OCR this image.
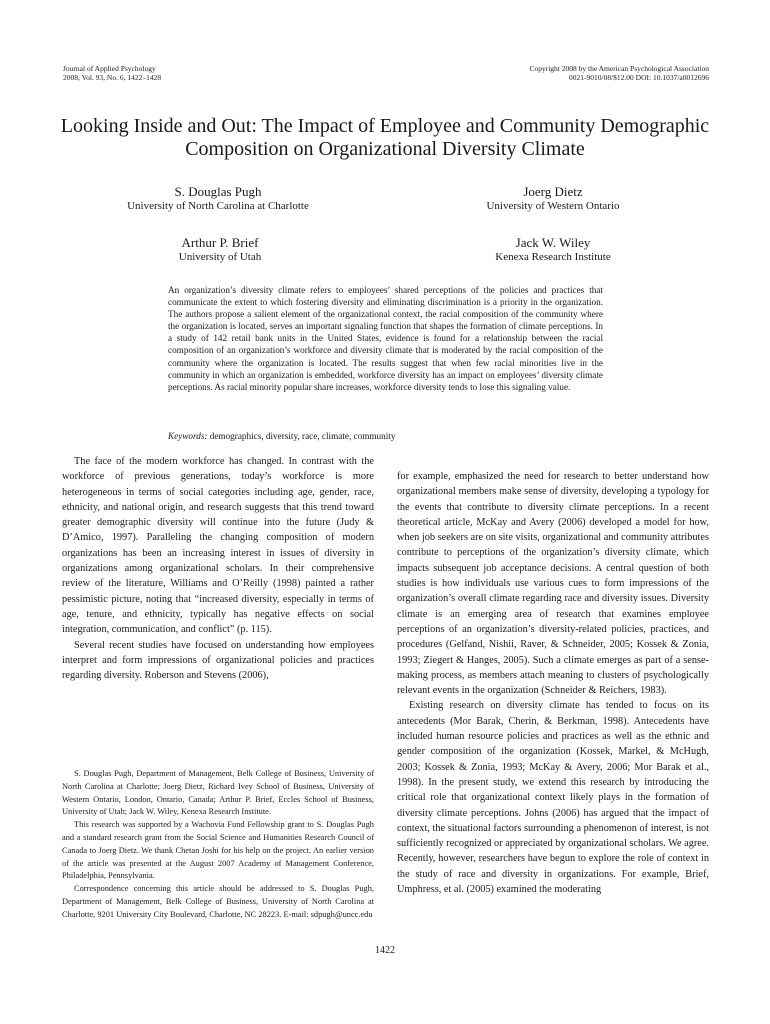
Journal of Applied Psychology
2008, Vol. 93, No. 6, 1422–1428
Copyright 2008 by the American Psychological Association
0021-9010/08/$12.00 DOI: 10.1037/a0012696
Looking Inside and Out: The Impact of Employee and Community Demographic Composition on Organizational Diversity Climate
S. Douglas Pugh
University of North Carolina at Charlotte
Joerg Dietz
University of Western Ontario
Arthur P. Brief
University of Utah
Jack W. Wiley
Kenexa Research Institute

An organization’s diversity climate refers to employees’ shared perceptions of the policies and practices that communicate the extent to which fostering diversity and eliminating discrimination is a priority in the organization. The authors propose a salient element of the organizational context, the racial composition of the community where the organization is located, serves an important signaling function that shapes the formation of climate perceptions. In a study of 142 retail bank units in the United States, evidence is found for a relationship between the racial composition of an organization’s workforce and diversity climate that is moderated by the racial composition of the community where the organization is located. The results suggest that when few racial minorities live in the community in which an organization is embedded, workforce diversity has an impact on employees’ diversity climate perceptions. As racial minority popular share increases, workforce diversity tends to lose this signaling value.

Keywords: demographics, diversity, race, climate, community

The face of the modern workforce has changed. In contrast with the workforce of previous generations, today’s workforce is more heterogeneous in terms of social categories including age, gender, race, ethnicity, and national origin, and research suggests that this trend toward greater demographic diversity will continue into the future (Judy & D’Amico, 1997). Paralleling the changing composition of modern organizations has been an increasing interest in issues of diversity in organizations among organizational scholars. In their comprehensive review of the literature, Williams and O’Reilly (1998) painted a rather pessimistic picture, noting that “increased diversity, especially in terms of age, tenure, and ethnicity, typically has negative effects on social integration, communication, and conflict” (p. 115).

Several recent studies have focused on understanding how employees interpret and form impressions of organizational policies and practices regarding diversity. Roberson and Stevens (2006),

S. Douglas Pugh, Department of Management, Belk College of Business, University of North Carolina at Charlotte; Joerg Dietz, Richard Ivey School of Business, University of Western Ontario, London, Ontario, Canada; Arthur P. Brief, Eccles School of Business, University of Utah; Jack W. Wiley, Kenexa Research Institute.

This research was supported by a Wachovia Fund Fellowship grant to S. Douglas Pugh and a standard research grant from the Social Science and Humanities Research Council of Canada to Joerg Dietz. We thank Chetan Joshi for his help on the project. An earlier version of the article was presented at the August 2007 Academy of Management Conference, Philadelphia, Pennsylvania.

Correspondence concerning this article should be addressed to S. Douglas Pugh, Department of Management, Belk College of Business, University of North Carolina at Charlotte, 9201 University City Boulevard, Charlotte, NC 28223. E-mail: sdpugh@uncc.edu

for example, emphasized the need for research to better understand how organizational members make sense of diversity, developing a typology for the events that contribute to diversity climate perceptions. In a recent theoretical article, McKay and Avery (2006) developed a model for how, when job seekers are on site visits, organizational and community attributes contribute to perceptions of the organization’s diversity climate, which impacts subsequent job acceptance decisions. A central question of both studies is how individuals use various cues to form impressions of the organization’s overall climate regarding race and diversity issues. Diversity climate is an emerging area of research that examines employee perceptions of an organization’s diversity-related policies, practices, and procedures (Gelfand, Nishii, Raver, & Schneider, 2005; Kossek & Zonia, 1993; Ziegert & Hanges, 2005). Such a climate emerges as part of a sense-making process, as members attach meaning to clusters of psychologically relevant events in the organization (Schneider & Reichers, 1983).

Existing research on diversity climate has tended to focus on its antecedents (Mor Barak, Cherin, & Berkman, 1998). Antecedents have included human resource policies and practices as well as the ethnic and gender composition of the organization (Kossek, Markel, & McHugh, 2003; Kossek & Zonia, 1993; McKay & Avery, 2006; Mor Barak et al., 1998). In the present study, we extend this research by introducing the critical role that organizational context likely plays in the formation of diversity climate perceptions. Johns (2006) has argued that the impact of context, the situational factors surrounding a phenomenon of interest, is not sufficiently recognized or appreciated by organizational scholars. We agree. Recently, however, researchers have begun to explore the role of context in the study of race and diversity in organizations. For example, Brief, Umphress, et al. (2005) examined the moderating

1422
